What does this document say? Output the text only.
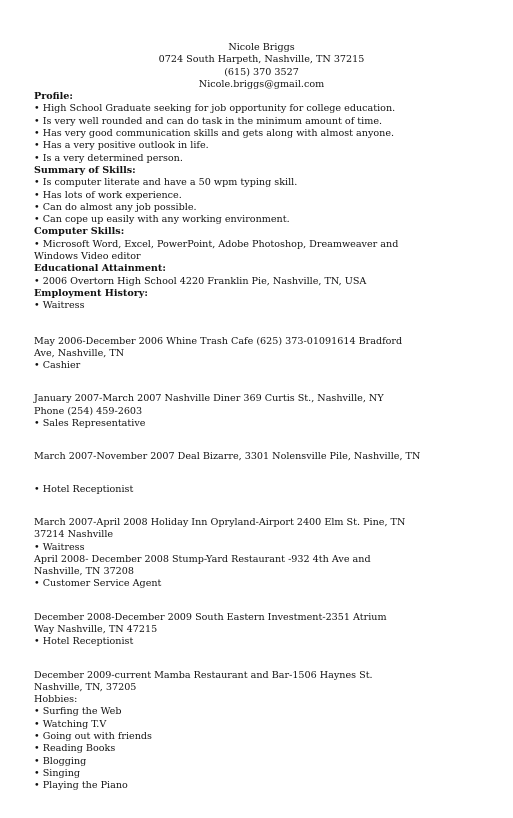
Nicole Briggs
0724 South Harpeth, Nashville, TN 37215
(615) 370 3527
Nicole.briggs@gmail.com
Profile:
• High School Graduate seeking for job opportunity for college education.
• Is very well rounded and can do task in the minimum amount of time.
• Has very good communication skills and gets along with almost anyone.
• Has a very positive outlook in life.
• Is a very determined person.
Summary of Skills:
• Is computer literate and have a 50 wpm typing skill.
• Has lots of work experience.
• Can do almost any job possible.
• Can cope up easily with any working environment.
Computer Skills:
• Microsoft Word, Excel, PowerPoint, Adobe Photoshop, Dreamweaver and Windows Video editor
Educational Attainment:
• 2006 Overtorn High School 4220 Franklin Pie, Nashville, TN, USA
Employment History:
• Waitress
May 2006-December 2006 Whine Trash Cafe (625) 373-01091614 Bradford Ave, Nashville, TN
• Cashier
January 2007-March 2007 Nashville Diner 369 Curtis St., Nashville, NY Phone (254) 459-2603
• Sales Representative
March 2007-November 2007 Deal Bizarre, 3301 Nolensville Pile, Nashville, TN
• Hotel Receptionist
March 2007-April 2008 Holiday Inn Opryland-Airport 2400 Elm St. Pine, TN 37214 Nashville
• Waitress
April 2008- December 2008 Stump-Yard Restaurant -932 4th Ave and Nashville, TN 37208
• Customer Service Agent
December 2008-December 2009 South Eastern Investment-2351 Atrium Way Nashville, TN 47215
• Hotel Receptionist
December 2009-current Mamba Restaurant and Bar-1506 Haynes St. Nashville, TN, 37205
Hobbies:
• Surfing the Web
• Watching T.V
• Going out with friends
• Reading Books
• Blogging
• Singing
• Playing the Piano
